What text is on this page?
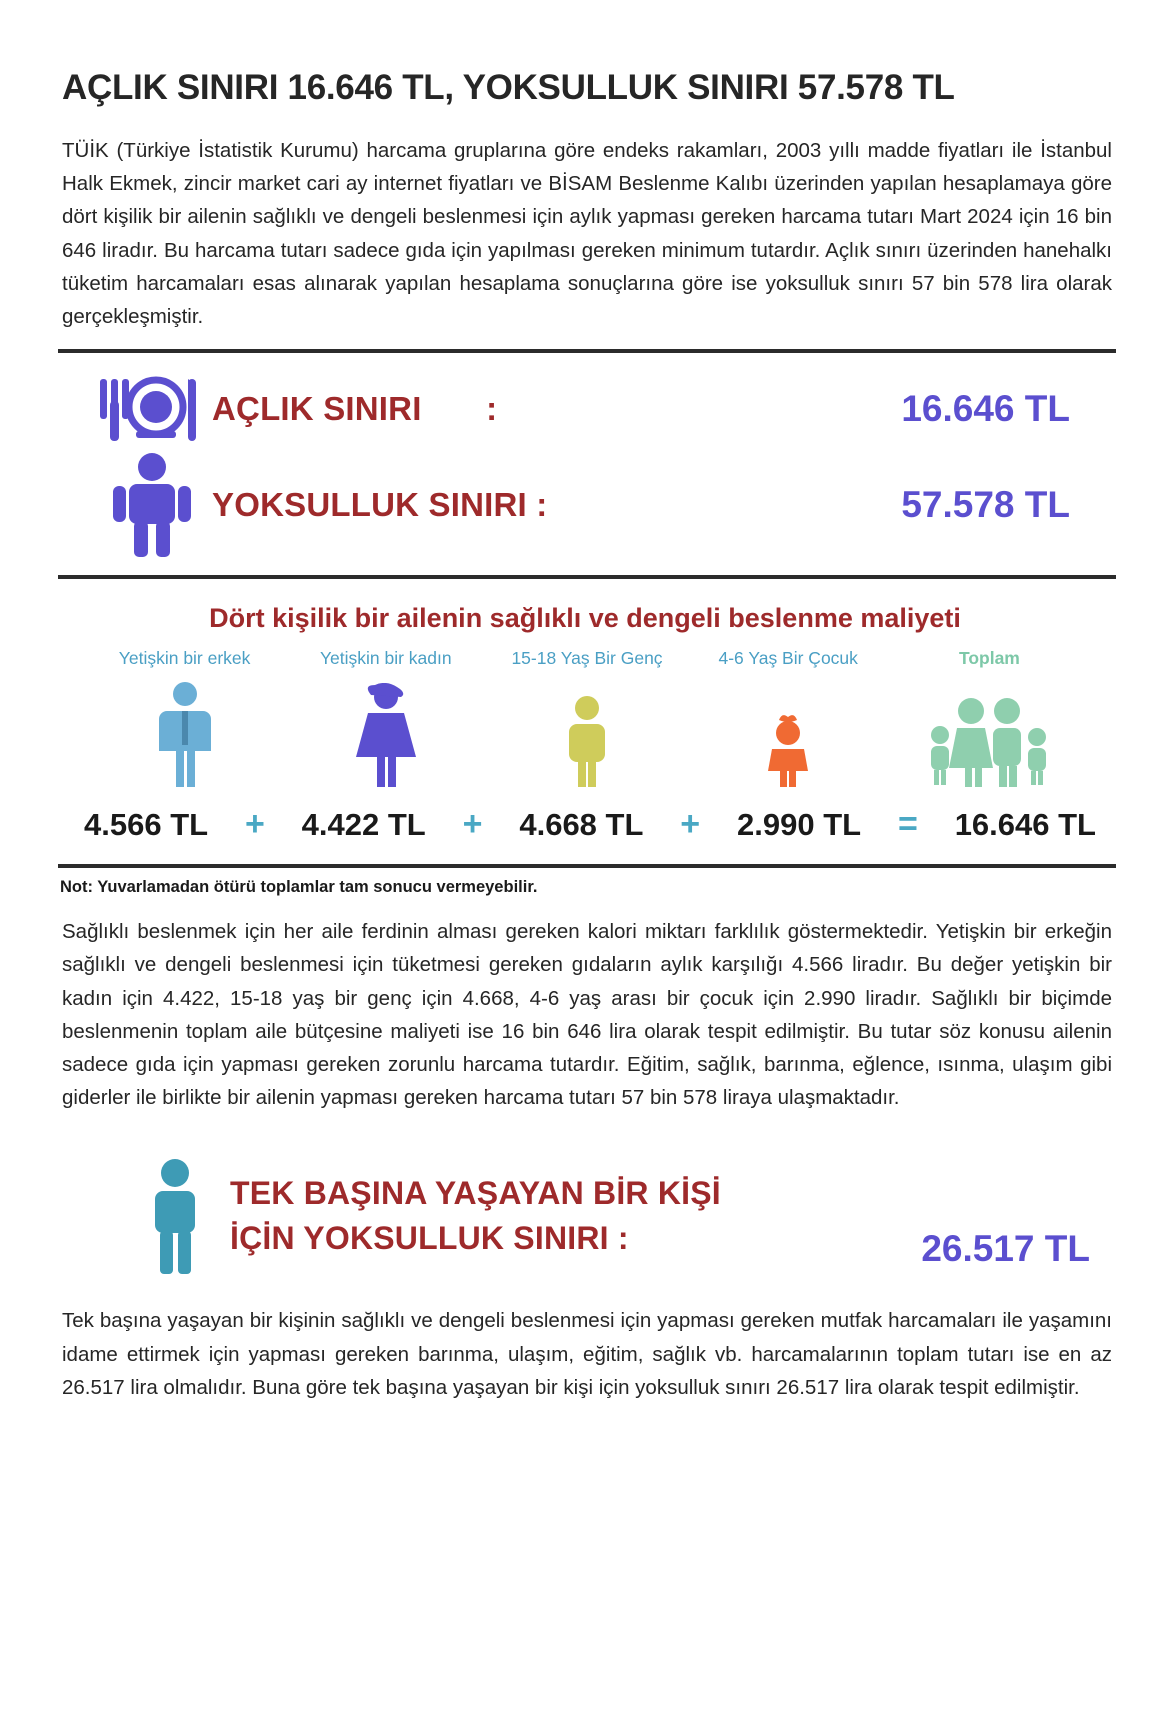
AÇLIK SINIRI 16.646 TL, YOKSULLUK SINIRI 57.578 TL

TÜİK (Türkiye İstatistik Kurumu) harcama gruplarına göre endeks rakamları, 2003 yıllı madde fiyatları ile İstanbul Halk Ekmek, zincir market cari ay internet fiyatları ve BİSAM Beslenme Kalıbı üzerinden yapılan hesaplamaya göre dört kişilik bir ailenin sağlıklı ve dengeli beslenmesi için aylık yapması gereken harcama tutarı Mart 2024 için 16 bin 646 liradır. Bu harcama tutarı sadece gıda için yapılması gereken minimum tutardır. Açlık sınırı üzerinden hanehalkı tüketim harcamaları esas alınarak yapılan hesaplama sonuçlarına göre ise yoksulluk sınırı 57 bin 578 lira olarak gerçekleşmiştir.

AÇLIK SINIRI	:	16.646 TL
YOKSULLUK SINIRI :	57.578 TL
Dört kişilik bir ailenin sağlıklı ve dengeli beslenme maliyeti
Yetişkin bir erkek	Yetişkin bir kadın	15-18 Yaş Bir Genç	4-6 Yaş Bir Çocuk	Toplam
4.566 TL + 4.422 TL + 4.668 TL + 2.990 TL = 16.646 TL
Not: Yuvarlamadan ötürü toplamlar tam sonucu vermeyebilir.

Sağlıklı beslenmek için her aile ferdinin alması gereken kalori miktarı farklılık göstermektedir. Yetişkin bir erkeğin sağlıklı ve dengeli beslenmesi için tüketmesi gereken gıdaların aylık karşılığı 4.566 liradır. Bu değer yetişkin bir kadın için 4.422, 15-18 yaş bir genç için 4.668, 4-6 yaş arası bir çocuk için 2.990 liradır. Sağlıklı bir biçimde beslenmenin toplam aile bütçesine maliyeti ise 16 bin 646 lira olarak tespit edilmiştir. Bu tutar söz konusu ailenin sadece gıda için yapması gereken zorunlu harcama tutardır. Eğitim, sağlık, barınma, eğlence, ısınma, ulaşım gibi giderler ile birlikte bir ailenin yapması gereken harcama tutarı 57 bin 578 liraya ulaşmaktadır.

TEK BAŞINA YAŞAYAN BİR KİŞİ
İÇİN YOKSULLUK SINIRI :	26.517 TL

Tek başına yaşayan bir kişinin sağlıklı ve dengeli beslenmesi için yapması gereken mutfak harcamaları ile yaşamını idame ettirmek için yapması gereken barınma, ulaşım, eğitim, sağlık vb. harcamalarının toplam tutarı ise en az 26.517 lira olmalıdır. Buna göre tek başına yaşayan bir kişi için yoksulluk sınırı 26.517 lira olarak tespit edilmiştir.
